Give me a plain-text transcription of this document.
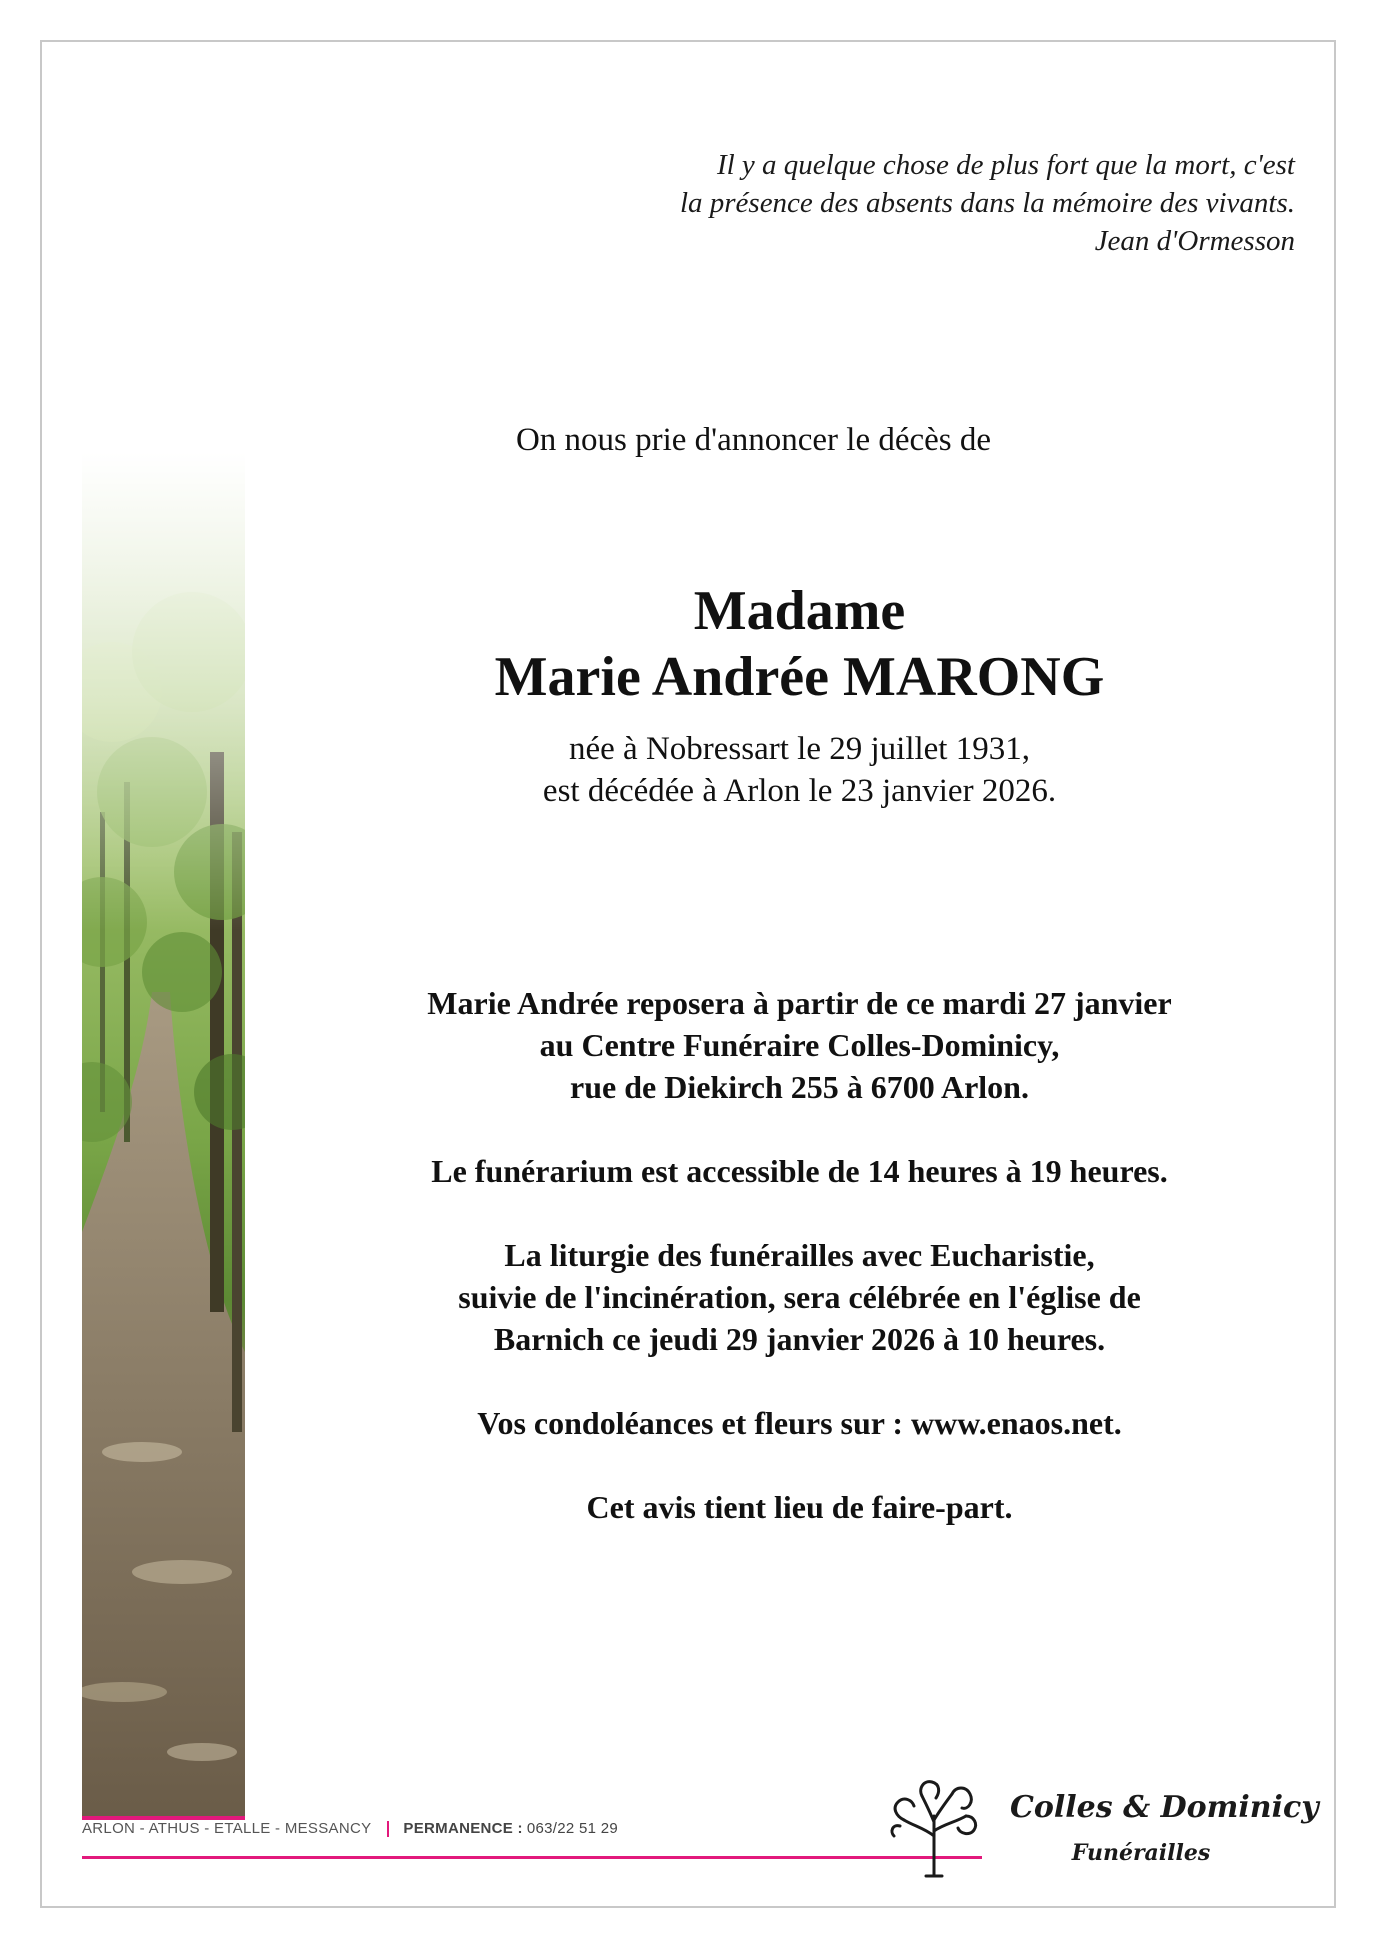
Il y a quelque chose de plus fort que la mort, c'est
la présence des absents dans la mémoire des vivants.
Jean d'Ormesson
On nous prie d'annoncer le décès de
Madame
Marie Andrée MARONG
née à Nobressart le 29 juillet 1931,
est décédée à Arlon le 23 janvier 2026.
Marie Andrée reposera à partir de ce mardi 27 janvier
au Centre Funéraire Colles-Dominicy,
rue de Diekirch 255 à 6700 Arlon.
Le funérarium est accessible de 14 heures à 19 heures.
La liturgie des funérailles avec Eucharistie,
suivie de l'incinération, sera célébrée en l'église de
Barnich ce jeudi 29 janvier 2026 à 10 heures.
Vos condoléances et fleurs sur : www.enaos.net.
Cet avis tient lieu de faire-part.
ARLON - ATHUS - ETALLE - MESSANCY PERMANENCE : 063/22 51 29
Colles & Dominicy
Funérailles
